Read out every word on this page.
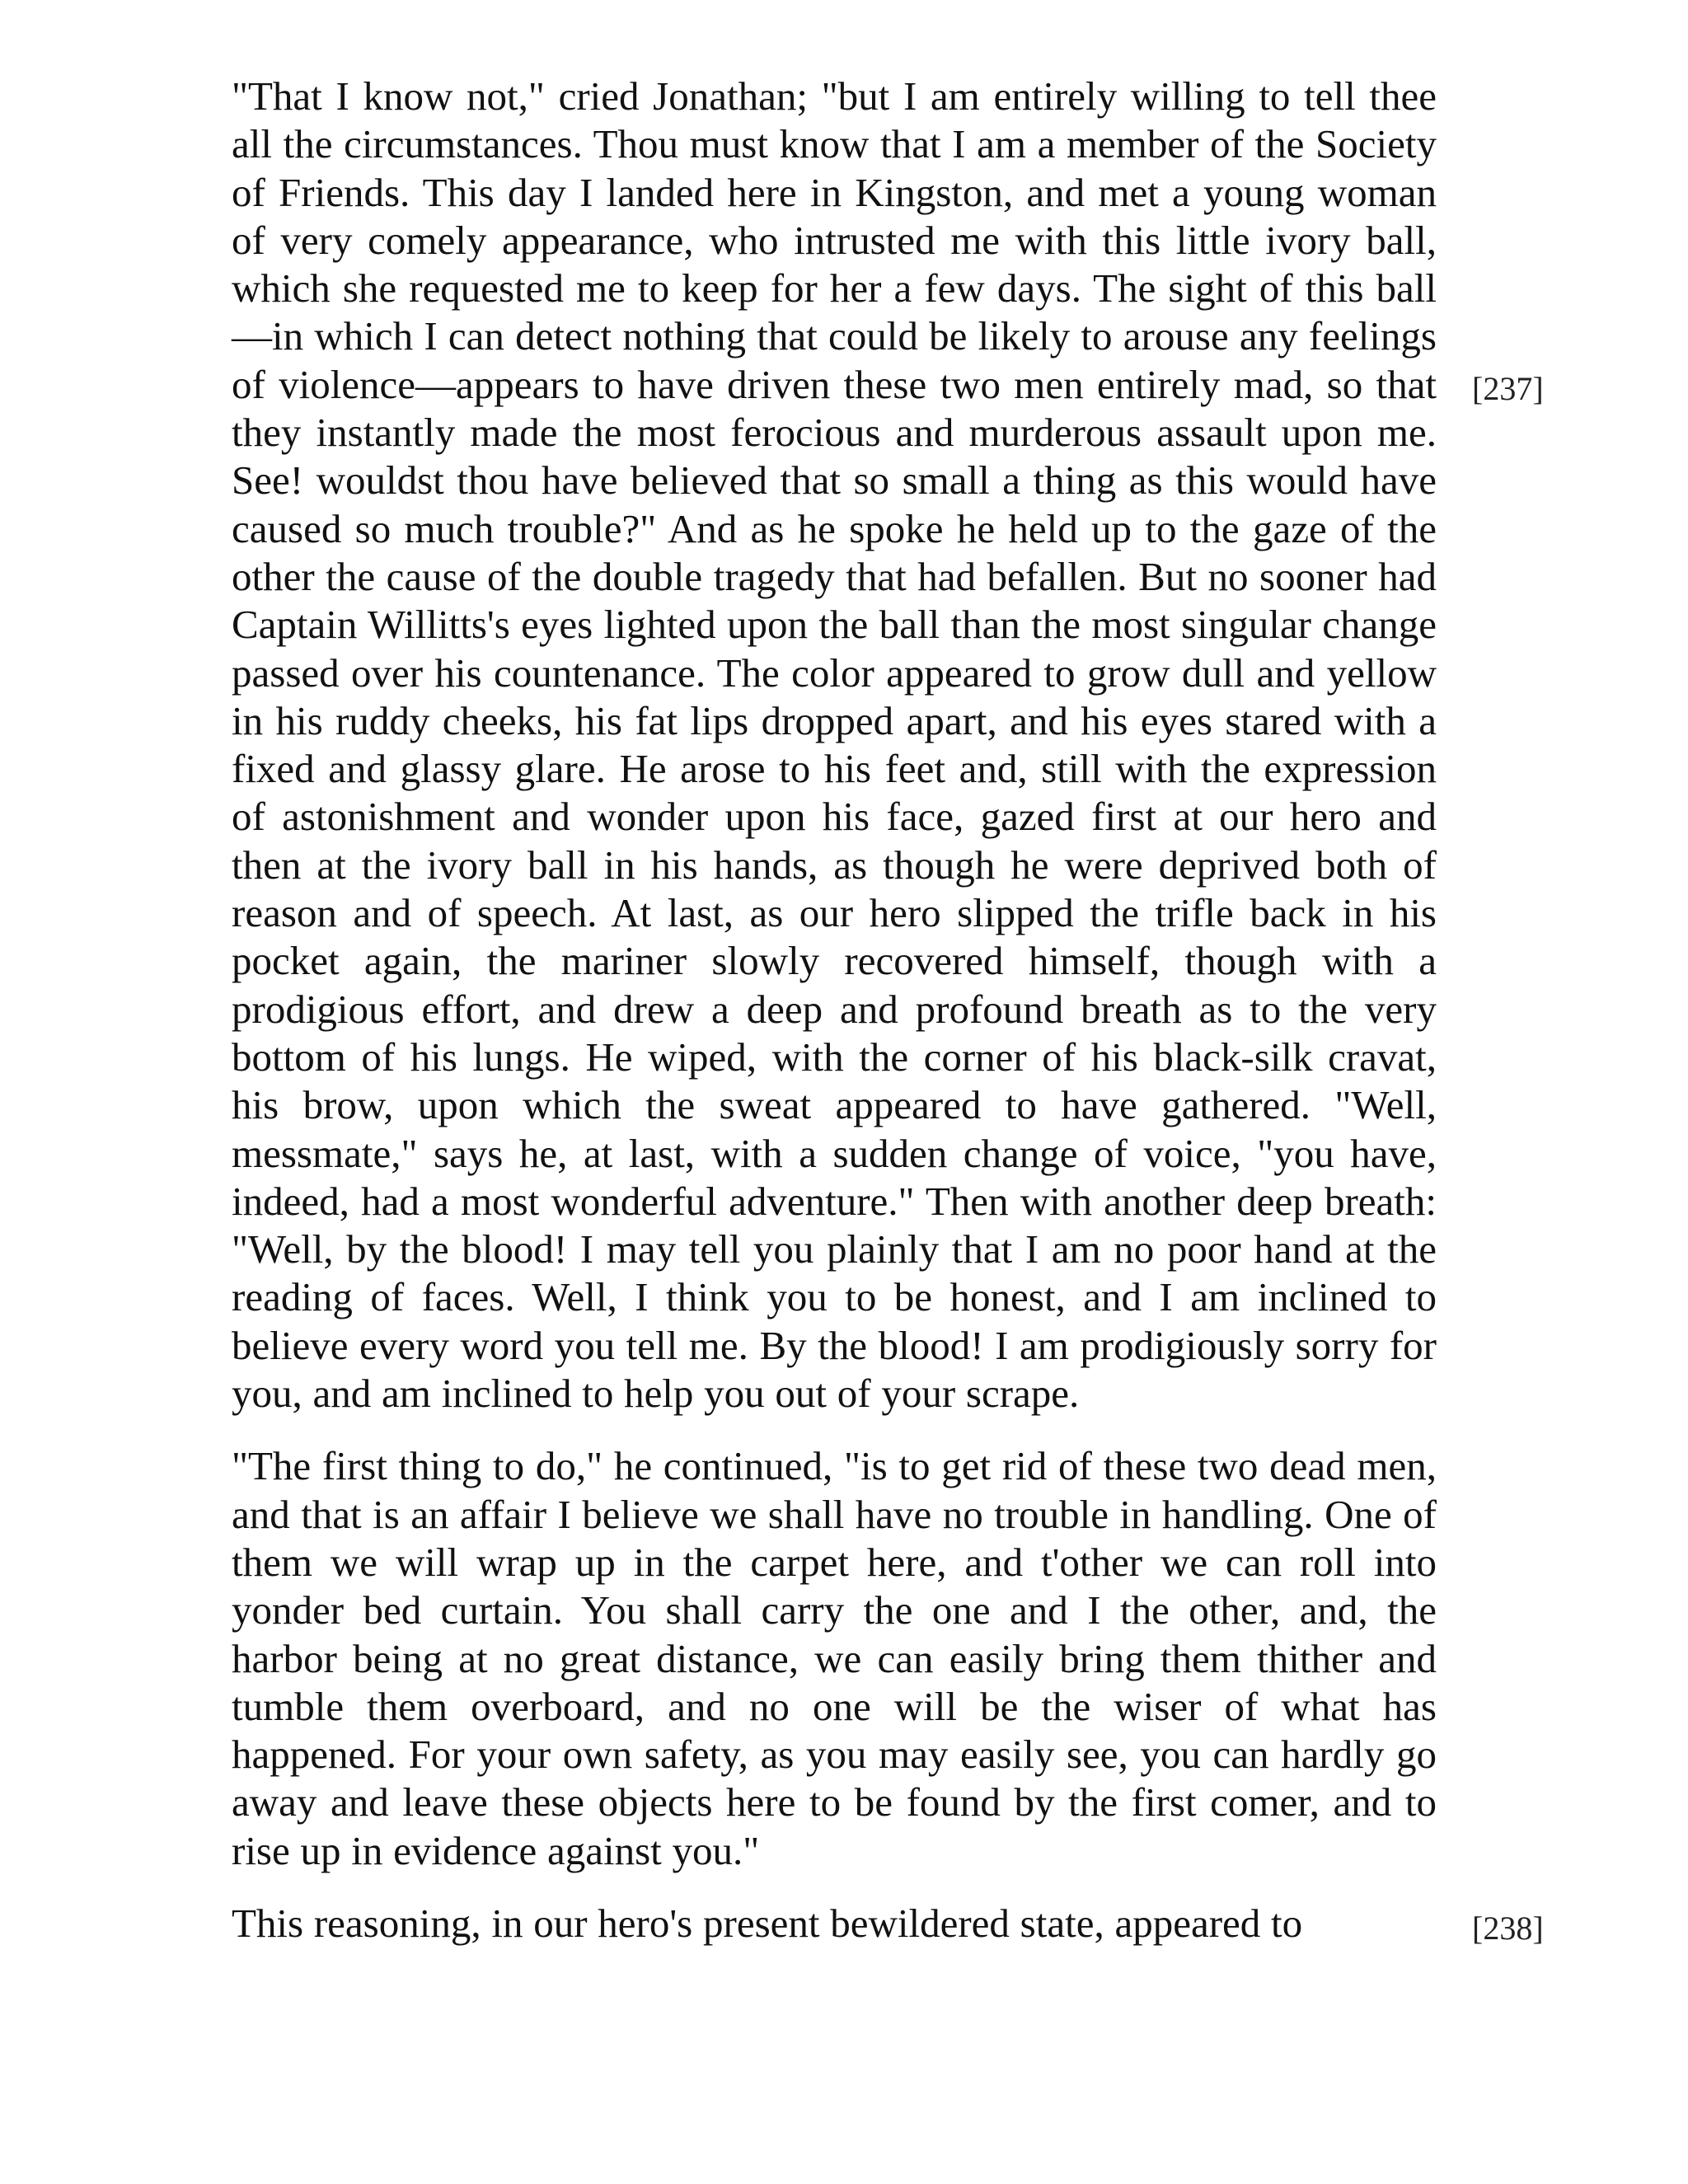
"That I know not," cried Jonathan; "but I am entirely willing to tell thee all the circumstances. Thou must know that I am a member of the Society of Friends. This day I landed here in Kingston, and met a young woman of very comely appearance, who intrusted me with this little ivory ball, which she requested me to keep for her a few days. The sight of this ball—in which I can detect nothing that could be likely to arouse any feelings of violence—appears to have driven these two men entirely mad, so that they instantly made the most ferocious and murderous assault upon me. See! wouldst thou have believed that so small a thing as this would have caused so much trouble?" And as he spoke he held up to the gaze of the other the cause of the double tragedy that had befallen. But no sooner had Captain Willitts's eyes lighted upon the ball than the most singular change passed over his countenance. The color appeared to grow dull and yellow in his ruddy cheeks, his fat lips dropped apart, and his eyes stared with a fixed and glassy glare. He arose to his feet and, still with the expression of astonishment and wonder upon his face, gazed first at our hero and then at the ivory ball in his hands, as though he were deprived both of reason and of speech. At last, as our hero slipped the trifle back in his pocket again, the mariner slowly recovered himself, though with a prodigious effort, and drew a deep and profound breath as to the very bottom of his lungs. He wiped, with the corner of his black-silk cravat, his brow, upon which the sweat appeared to have gathered. "Well, messmate," says he, at last, with a sudden change of voice, "you have, indeed, had a most wonderful adventure." Then with another deep breath: "Well, by the blood! I may tell you plainly that I am no poor hand at the reading of faces. Well, I think you to be honest, and I am inclined to believe every word you tell me. By the blood! I am prodigiously sorry for you, and am inclined to help you out of your scrape.

"The first thing to do," he continued, "is to get rid of these two dead men, and that is an affair I believe we shall have no trouble in handling. One of them we will wrap up in the carpet here, and t'other we can roll into yonder bed curtain. You shall carry the one and I the other, and, the harbor being at no great distance, we can easily bring them thither and tumble them overboard, and no one will be the wiser of what has happened. For your own safety, as you may easily see, you can hardly go away and leave these objects here to be found by the first comer, and to rise up in evidence against you."

This reasoning, in our hero's present bewildered state, appeared to

[237]
[238]
